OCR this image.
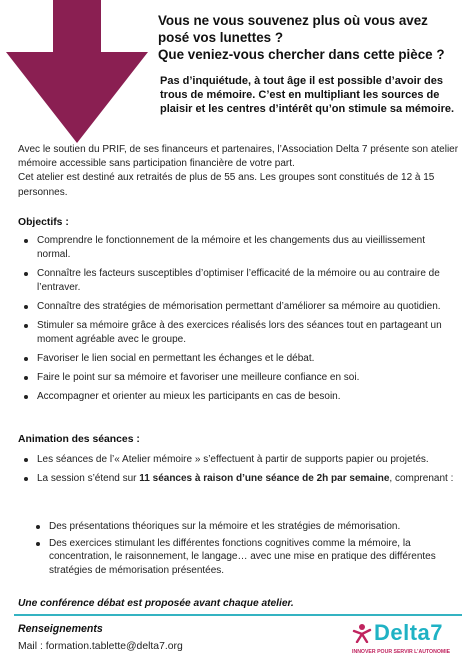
Vous ne vous souvenez plus où vous avez
posé vos lunettes ?
Que veniez-vous chercher dans cette pièce ?
Pas d’inquiétude, à tout âge il est possible d’avoir des trous de mémoire. C’est en multipliant les sources de plaisir et les centres d’intérêt qu’on stimule sa mémoire.
Avec le soutien du PRIF, de ses financeurs et partenaires, l’Association Delta 7 présente son atelier mémoire accessible sans participation financière de votre part.
Cet atelier est destiné aux retraités de plus de 55 ans. Les groupes sont constitués de 12 à 15 personnes.
Objectifs :
Comprendre le fonctionnement de la mémoire et les changements dus au vieillissement normal.
Connaître les facteurs susceptibles d’optimiser l’efficacité de la mémoire ou au contraire de l’entraver.
Connaître des stratégies de mémorisation permettant d’améliorer sa mémoire au quotidien.
Stimuler sa mémoire grâce à des exercices réalisés lors des séances tout en partageant un moment agréable avec le groupe.
Favoriser le lien social en permettant les échanges et le débat.
Faire le point sur sa mémoire et favoriser une meilleure confiance en soi.
Accompagner et orienter au mieux les participants en cas de besoin.
Animation des séances :
Les séances de l’« Atelier mémoire » s’effectuent à partir de supports papier ou projetés.
La session s’étend sur 11 séances à raison d’une séance de 2h par semaine, comprenant :
Des présentations théoriques sur la mémoire et les stratégies de mémorisation.
Des exercices stimulant les différentes fonctions cognitives comme la mémoire, la concentration, le raisonnement, le langage… avec une mise en pratique des différentes stratégies de mémorisation présentées.
Une conférence débat est proposée avant chaque atelier.
Renseignements
Mail : formation.tablette@delta7.org
Delta7
INNOVER POUR SERVIR L’AUTONOMIE
